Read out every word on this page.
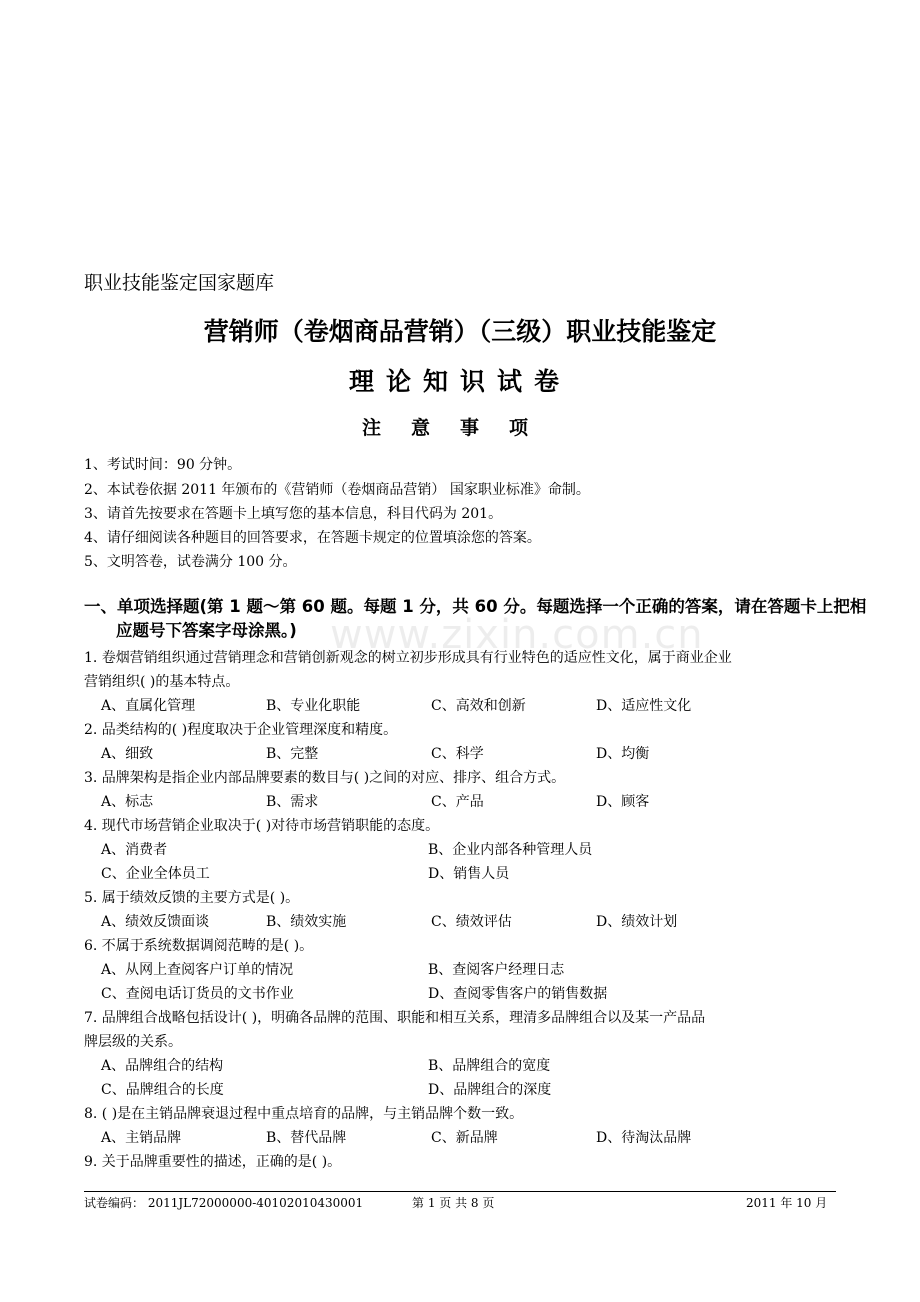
职业技能鉴定国家题库
营销师（卷烟商品营销）（三级）职业技能鉴定
理论知识试卷
注意事项
1、考试时间：90 分钟。
2、本试卷依据 2011 年颁布的《营销师（卷烟商品营销） 国家职业标准》命制。
3、请首先按要求在答题卡上填写您的基本信息，科目代码为 201。
4、请仔细阅读各种题目的回答要求，在答题卡规定的位置填涂您的答案。
5、文明答卷，试卷满分 100 分。
www.zixin.com.cn
一、单项选择题(第 1 题～第 60 题。每题 1 分，共 60 分。每题选择一个正确的答案，请在答题卡上把相应题号下答案字母涂黑。)
1. 卷烟营销组织通过营销理念和营销创新观念的树立初步形成具有行业特色的适应性文化，属于商业企业
营销组织( )的基本特点。
A、直属化管理	B、专业化职能	C、高效和创新	D、适应性文化
2. 品类结构的( )程度取决于企业管理深度和精度。
A、细致	B、完整	C、科学	D、均衡
3. 品牌架构是指企业内部品牌要素的数目与( )之间的对应、排序、组合方式。
A、标志	B、需求	C、产品	D、顾客
4. 现代市场营销企业取决于( )对待市场营销职能的态度。
A、消费者	B、企业内部各种管理人员
C、企业全体员工	D、销售人员
5. 属于绩效反馈的主要方式是( )。
A、绩效反馈面谈	B、绩效实施	C、绩效评估	D、绩效计划
6. 不属于系统数据调阅范畴的是( )。
A、从网上查阅客户订单的情况	B、查阅客户经理日志
C、查阅电话订货员的文书作业	D、查阅零售客户的销售数据
7. 品牌组合战略包括设计( )，明确各品牌的范围、职能和相互关系，理清多品牌组合以及某一产品品
牌层级的关系。
A、品牌组合的结构	B、品牌组合的宽度
C、品牌组合的长度	D、品牌组合的深度
8. ( )是在主销品牌衰退过程中重点培育的品牌，与主销品牌个数一致。
A、主销品牌	B、替代品牌	C、新品牌	D、待淘汰品牌
9. 关于品牌重要性的描述，正确的是( )。
试卷编码： 2011JL72000000-40102010430001	第 1 页 共 8 页	2011 年 10 月
